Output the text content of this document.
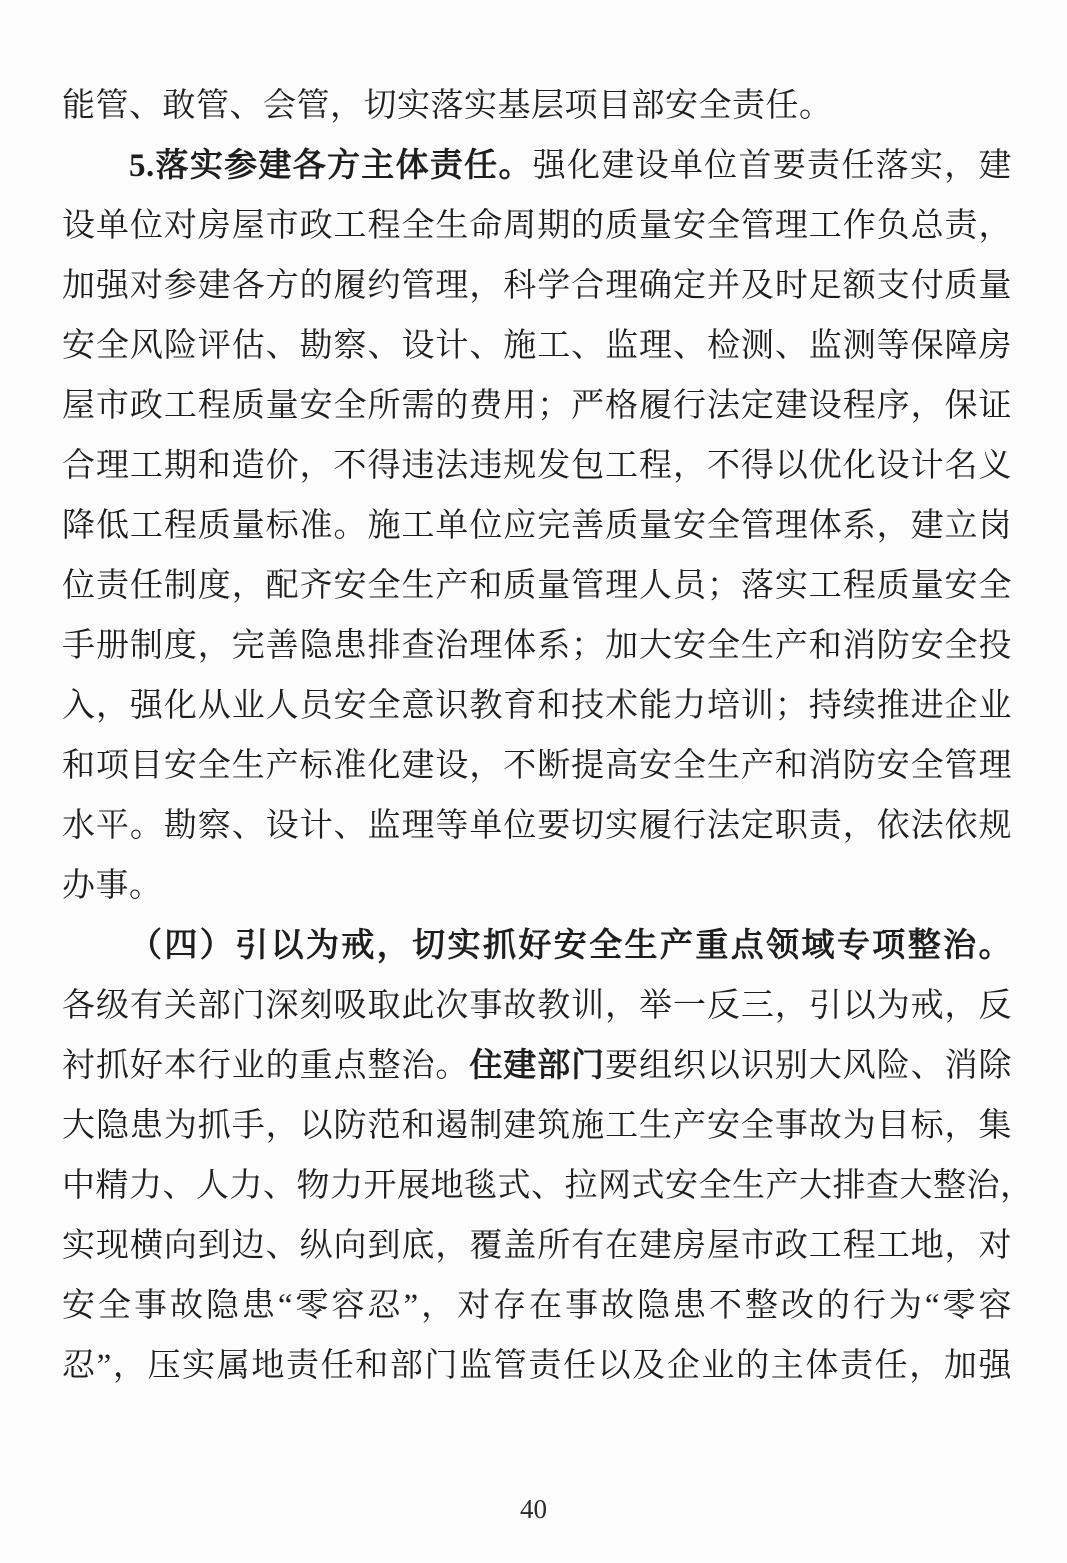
能管、敢管、会管，切实落实基层项目部安全责任。
5.落实参建各方主体责任。强化建设单位首要责任落实，建
设单位对房屋市政工程全生命周期的质量安全管理工作负总责，
加强对参建各方的履约管理，科学合理确定并及时足额支付质量
安全风险评估、勘察、设计、施工、监理、检测、监测等保障房
屋市政工程质量安全所需的费用；严格履行法定建设程序，保证
合理工期和造价，不得违法违规发包工程，不得以优化设计名义
降低工程质量标准。施工单位应完善质量安全管理体系，建立岗
位责任制度，配齐安全生产和质量管理人员；落实工程质量安全
手册制度，完善隐患排查治理体系；加大安全生产和消防安全投
入，强化从业人员安全意识教育和技术能力培训；持续推进企业
和项目安全生产标准化建设，不断提高安全生产和消防安全管理
水平。勘察、设计、监理等单位要切实履行法定职责，依法依规
办事。
（四）引以为戒，切实抓好安全生产重点领域专项整治。
各级有关部门深刻吸取此次事故教训，举一反三，引以为戒，反
衬抓好本行业的重点整治。住建部门要组织以识别大风险、消除
大隐患为抓手，以防范和遏制建筑施工生产安全事故为目标，集
中精力、人力、物力开展地毯式、拉网式安全生产大排查大整治，
实现横向到边、纵向到底，覆盖所有在建房屋市政工程工地，对
安全事故隐患“零容忍”，对存在事故隐患不整改的行为“零容
忍”，压实属地责任和部门监管责任以及企业的主体责任，加强
40
